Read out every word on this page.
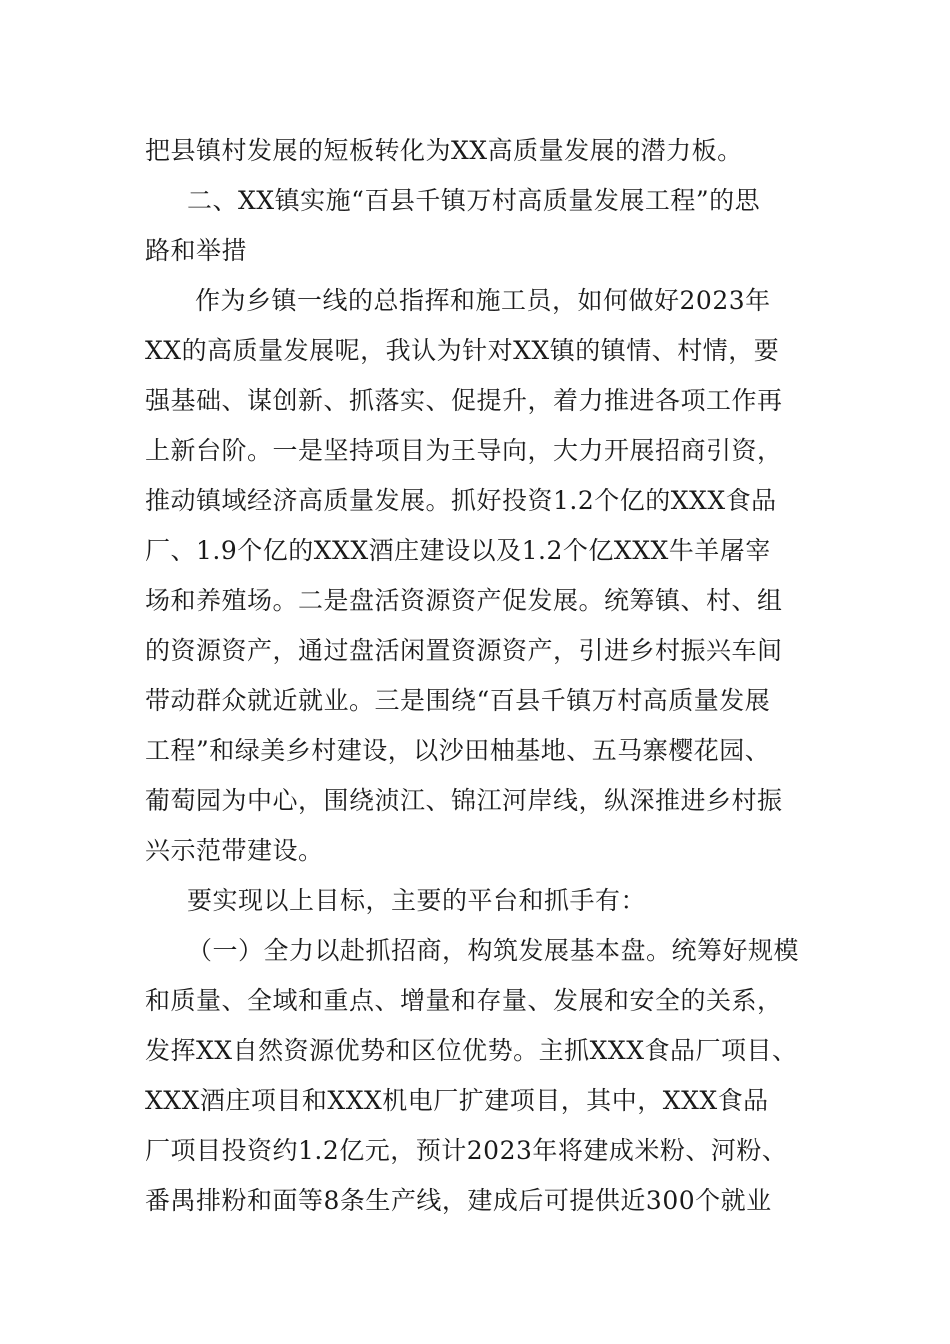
把县镇村发展的短板转化为XX高质量发展的潜力板。
二、XX镇实施“百县千镇万村高质量发展工程”的思
路和举措
作为乡镇一线的总指挥和施工员，如何做好2023年
XX的高质量发展呢，我认为针对XX镇的镇情、村情，要
强基础、谋创新、抓落实、促提升，着力推进各项工作再
上新台阶。一是坚持项目为王导向，大力开展招商引资，
推动镇域经济高质量发展。抓好投资1.2个亿的XXX食品
厂、1.9个亿的XXX酒庄建设以及1.2个亿XXX牛羊屠宰
场和养殖场。二是盘活资源资产促发展。统筹镇、村、组
的资源资产，通过盘活闲置资源资产，引进乡村振兴车间
带动群众就近就业。三是围绕“百县千镇万村高质量发展
工程”和绿美乡村建设，以沙田柚基地、五马寨樱花园、
葡萄园为中心，围绕浈江、锦江河岸线，纵深推进乡村振
兴示范带建设。
要实现以上目标，主要的平台和抓手有：
（一）全力以赴抓招商，构筑发展基本盘。统筹好规模
和质量、全域和重点、增量和存量、发展和安全的关系，
发挥XX自然资源优势和区位优势。主抓XXX食品厂项目、
XXX酒庄项目和XXX机电厂扩建项目，其中，XXX食品
厂项目投资约1.2亿元，预计2023年将建成米粉、河粉、
番禺排粉和面等8条生产线，建成后可提供近300个就业
